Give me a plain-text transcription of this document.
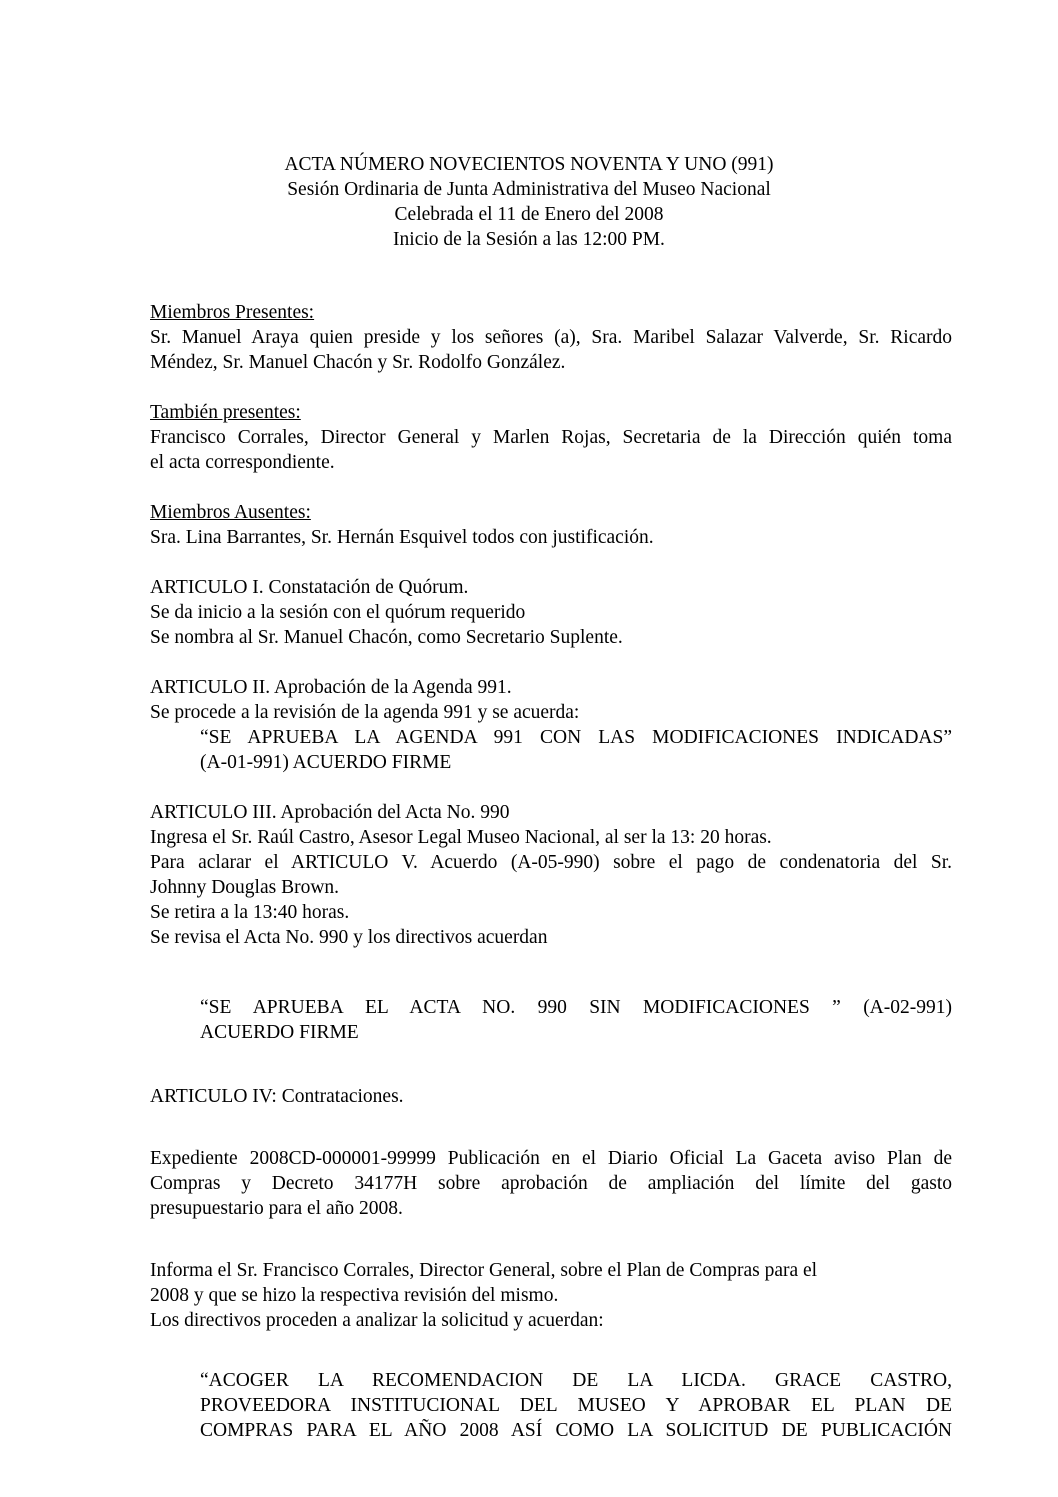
ACTA NÚMERO NOVECIENTOS NOVENTA Y UNO (991)
Sesión Ordinaria de Junta Administrativa del Museo Nacional
Celebrada el 11 de Enero del 2008
Inicio de la Sesión a las 12:00 PM.
Miembros Presentes:
Sr. Manuel Araya quien preside y los señores (a), Sra. Maribel Salazar Valverde, Sr. Ricardo
Méndez, Sr. Manuel Chacón y Sr. Rodolfo González.
También presentes:
Francisco Corrales, Director General y Marlen Rojas, Secretaria de la Dirección quién toma
el acta correspondiente.
Miembros Ausentes:
Sra. Lina Barrantes, Sr. Hernán Esquivel todos con justificación.
ARTICULO I. Constatación de Quórum.
Se da inicio a la sesión con el quórum requerido
Se nombra al Sr. Manuel Chacón, como Secretario Suplente.
ARTICULO II. Aprobación de la Agenda 991.
Se procede a la revisión de la agenda 991 y se acuerda:
“SE APRUEBA LA AGENDA 991 CON LAS MODIFICACIONES INDICADAS”
(A-01-991) ACUERDO FIRME
ARTICULO III. Aprobación del Acta No. 990
Ingresa el Sr. Raúl Castro, Asesor Legal Museo Nacional, al ser la 13: 20 horas.
Para aclarar el ARTICULO V. Acuerdo (A-05-990) sobre el pago de condenatoria del Sr.
Johnny Douglas Brown.
Se retira a la 13:40 horas.
Se revisa el Acta No. 990 y los directivos acuerdan
“SE APRUEBA EL ACTA NO. 990 SIN MODIFICACIONES ” (A-02-991)
ACUERDO FIRME
ARTICULO IV: Contrataciones.
Expediente 2008CD-000001-99999 Publicación en el Diario Oficial La Gaceta aviso Plan de
Compras y Decreto 34177H sobre aprobación de ampliación del límite del gasto
presupuestario para el año 2008.
Informa el Sr. Francisco Corrales, Director General, sobre el Plan de Compras para el
2008 y que se hizo la respectiva revisión del mismo.
Los directivos proceden a analizar la solicitud y acuerdan:
“ACOGER LA RECOMENDACION DE LA LICDA. GRACE CASTRO,
PROVEEDORA INSTITUCIONAL DEL MUSEO Y APROBAR EL PLAN DE
COMPRAS PARA EL AÑO 2008 ASÍ COMO LA SOLICITUD DE PUBLICACIÓN
